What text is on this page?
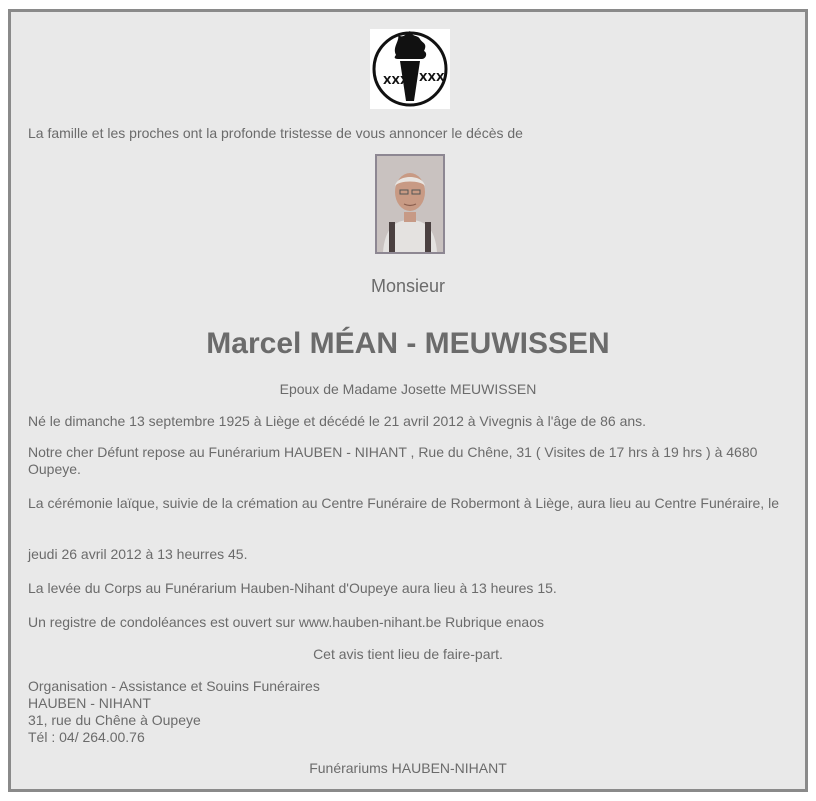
XXX XXX
La famille et les proches ont la profonde tristesse de vous annoncer le décès de
Monsieur
Marcel MÉAN - MEUWISSEN
Epoux de Madame Josette MEUWISSEN
Né le dimanche 13 septembre 1925 à Liège et décédé le 21 avril 2012 à Vivegnis à l'âge de 86 ans.
Notre cher Défunt repose au Funérarium HAUBEN - NIHANT , Rue du Chêne, 31 ( Visites de 17 hrs à 19 hrs ) à 4680 Oupeye.
La cérémonie laïque, suivie de la crémation au Centre Funéraire de Robermont à Liège, aura lieu au Centre Funéraire, le
jeudi 26 avril 2012 à 13 heurres 45.
La levée du Corps au Funérarium Hauben-Nihant d'Oupeye aura lieu à 13 heures 15.
Un registre de condoléances est ouvert sur www.hauben-nihant.be Rubrique enaos
Cet avis tient lieu de faire-part.
Organisation - Assistance et Souins Funéraires
HAUBEN - NIHANT
31, rue du Chêne à Oupeye
Tél : 04/ 264.00.76
Funérariums HAUBEN-NIHANT
